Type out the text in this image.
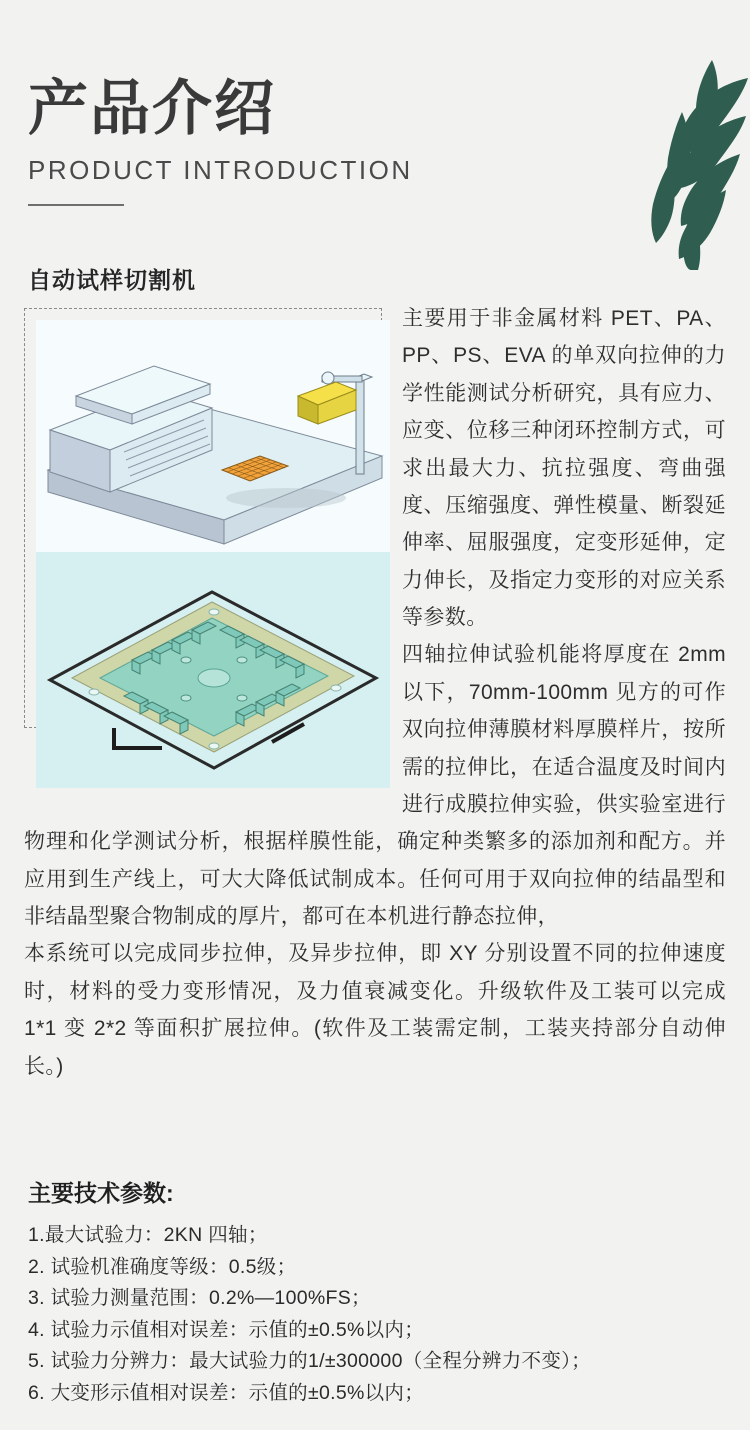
产品介绍
PRODUCT INTRODUCTION
自动试样切割机

主要用于非金属材料 PET、PA、PP、PS、EVA 的单双向拉伸的力学性能测试分析研究，具有应力、应变、位移三种闭环控制方式，可求出最大力、抗拉强度、弯曲强度、压缩强度、弹性模量、断裂延伸率、屈服强度，定变形延伸，定力伸长，及指定力变形的对应关系等参数。

四轴拉伸试验机能将厚度在 2mm 以下，70mm-100mm 见方的可作双向拉伸薄膜材料厚膜样片，按所需的拉伸比，在适合温度及时间内进行成膜拉伸实验，供实验室进行物理和化学测试分析，根据样膜性能，确定种类繁多的添加剂和配方。并应用到生产线上，可大大降低试制成本。任何可用于双向拉伸的结晶型和非结晶型聚合物制成的厚片，都可在本机进行静态拉伸，

本系统可以完成同步拉伸，及异步拉伸，即 XY 分别设置不同的拉伸速度时，材料的受力变形情况，及力值衰减变化。升级软件及工装可以完成 1*1 变 2*2 等面积扩展拉伸。(软件及工装需定制，工装夹持部分自动伸长。)

主要技术参数:
1.最大试验力：2KN 四轴；
2. 试验机准确度等级：0.5级；
3. 试验力测量范围：0.2%—100%FS；
4. 试验力示值相对误差：示值的±0.5%以内；
5. 试验力分辨力：最大试验力的1/±300000（全程分辨力不变）；
6. 大变形示值相对误差：示值的±0.5%以内；
